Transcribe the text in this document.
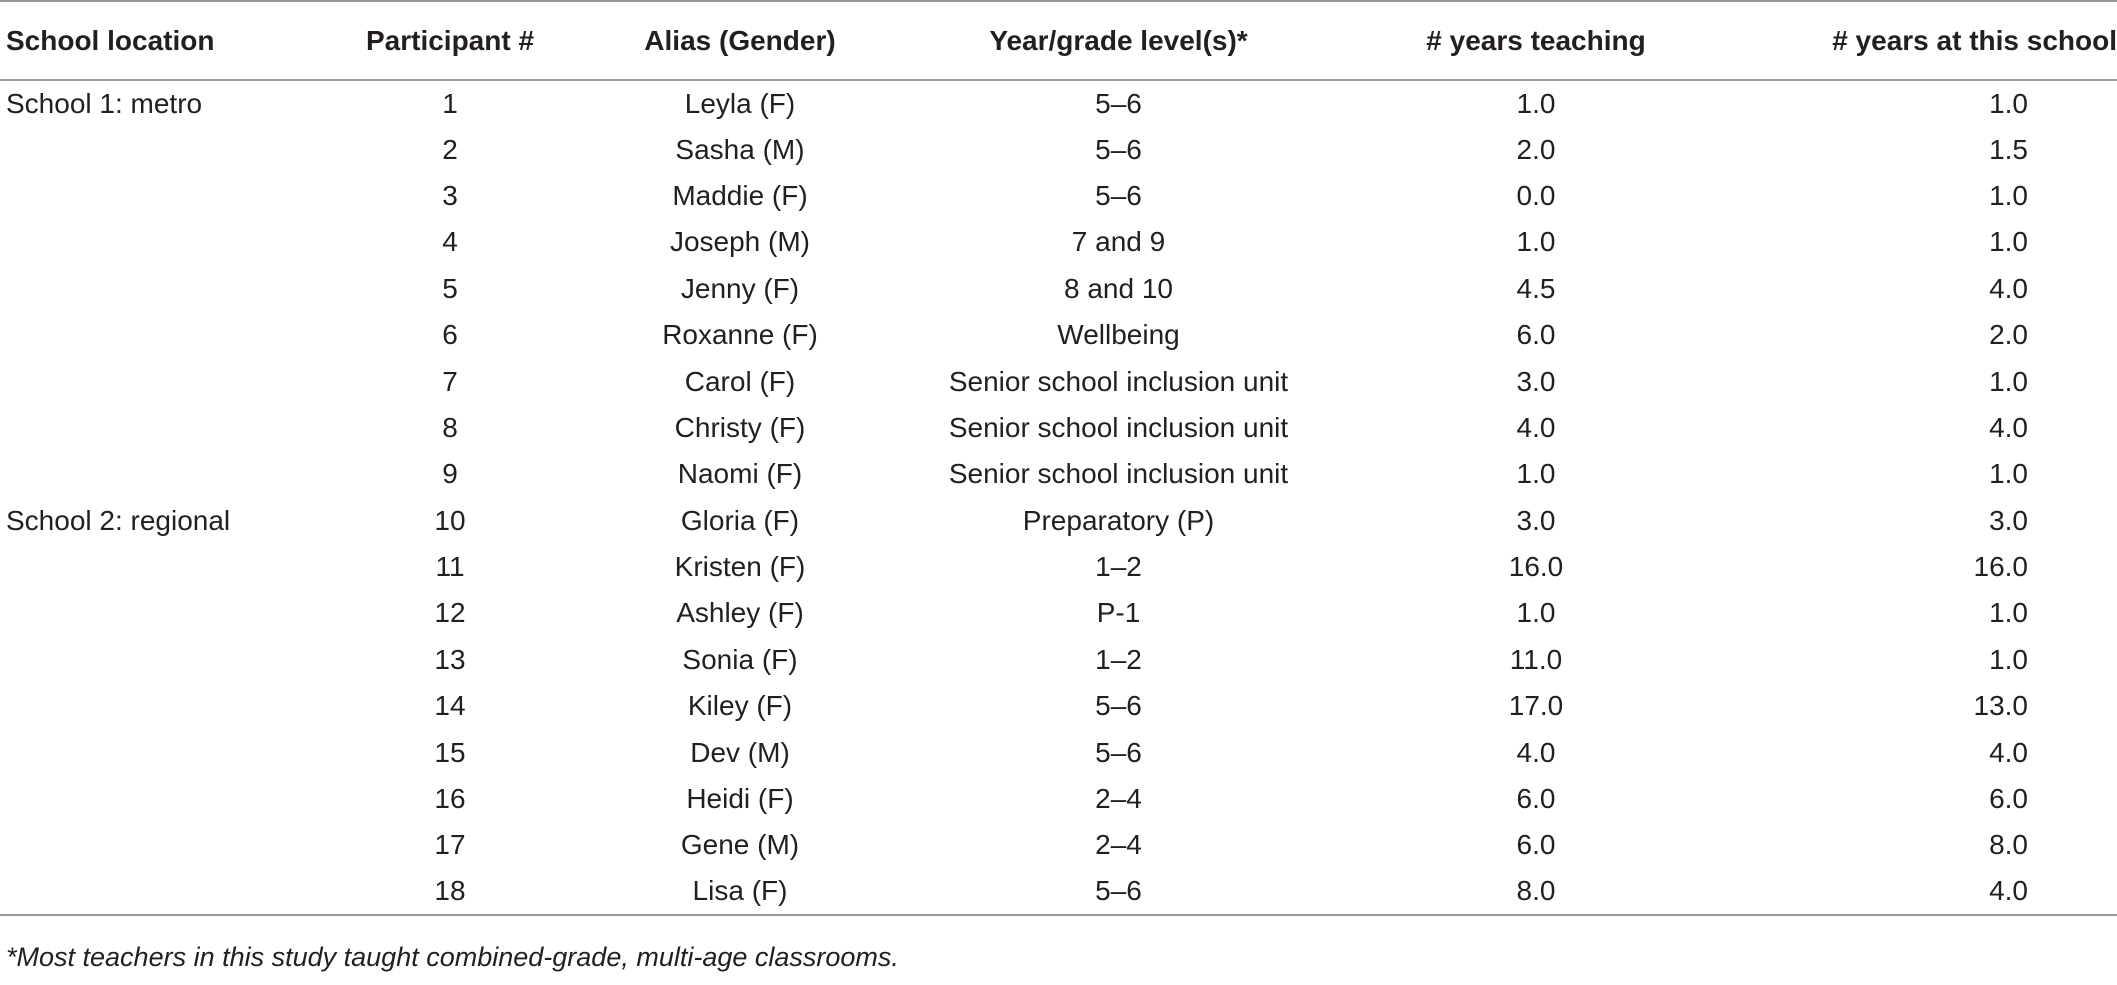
School location	Participant #	Alias (Gender)	Year/grade level(s)*	# years teaching	# years at this school
School 1: metro	1	Leyla (F)	5–6	1.0	1.0
	2	Sasha (M)	5–6	2.0	1.5
	3	Maddie (F)	5–6	0.0	1.0
	4	Joseph (M)	7 and 9	1.0	1.0
	5	Jenny (F)	8 and 10	4.5	4.0
	6	Roxanne (F)	Wellbeing	6.0	2.0
	7	Carol (F)	Senior school inclusion unit	3.0	1.0
	8	Christy (F)	Senior school inclusion unit	4.0	4.0
	9	Naomi (F)	Senior school inclusion unit	1.0	1.0
School 2: regional	10	Gloria (F)	Preparatory (P)	3.0	3.0
	11	Kristen (F)	1–2	16.0	16.0
	12	Ashley (F)	P-1	1.0	1.0
	13	Sonia (F)	1–2	11.0	1.0
	14	Kiley (F)	5–6	17.0	13.0
	15	Dev (M)	5–6	4.0	4.0
	16	Heidi (F)	2–4	6.0	6.0
	17	Gene (M)	2–4	6.0	8.0
	18	Lisa (F)	5–6	8.0	4.0
*Most teachers in this study taught combined-grade, multi-age classrooms.
